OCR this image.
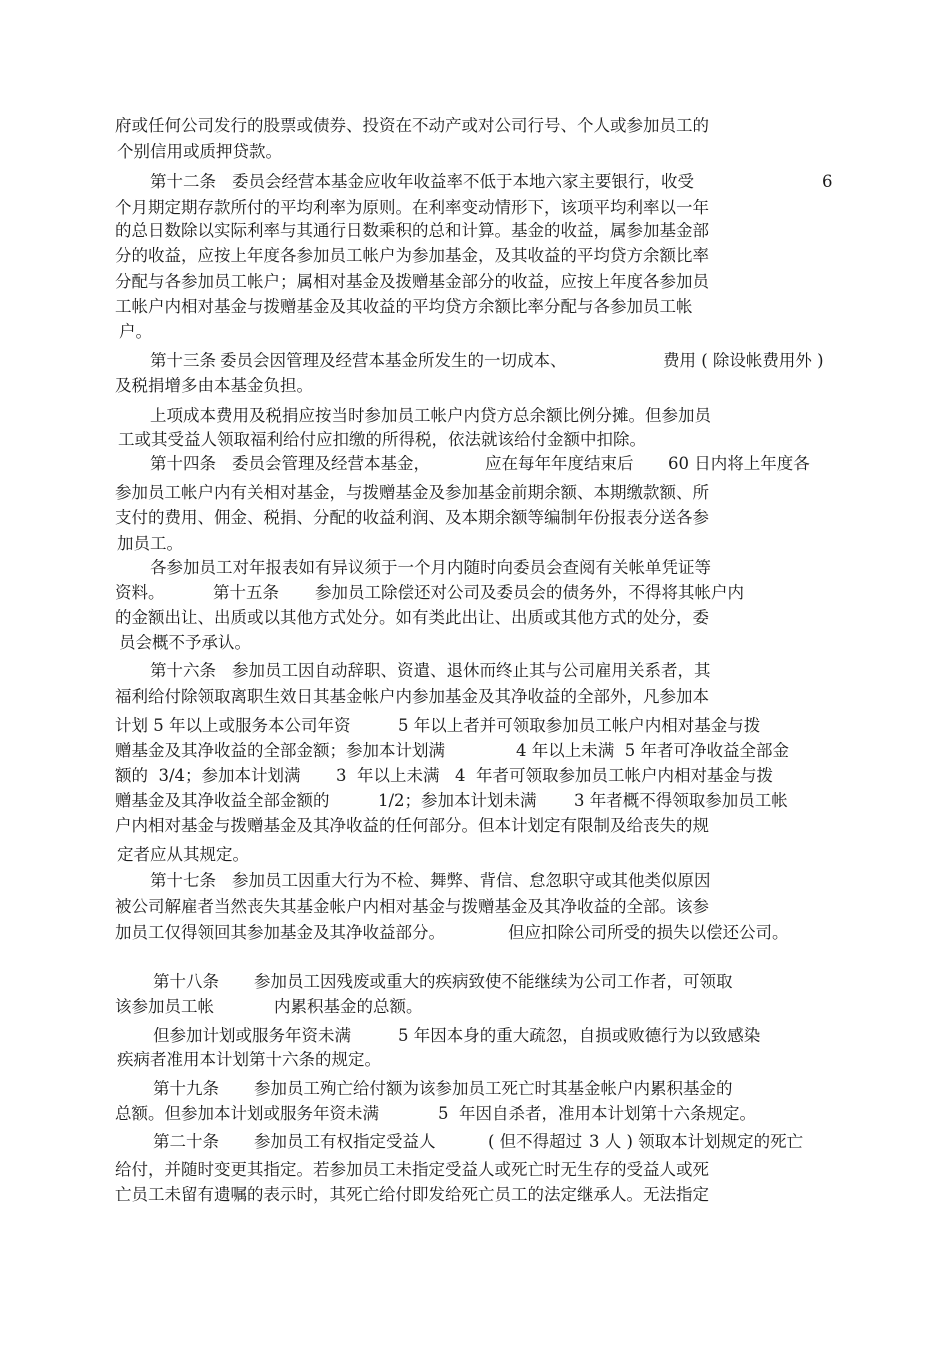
府或任何公司发行的股票或债券、投资在不动产或对公司行号、个人或参加员工的
个别信用或质押贷款。
第十二条 委员会经营本基金应收年收益率不低于本地六家主要银行，收受	6
个月期定期存款所付的平均利率为原则。在利率变动情形下，该项平均利率以一年
的总日数除以实际利率与其通行日数乘积的总和计算。基金的收益，属参加基金部
分的收益，应按上年度各参加员工帐户为参加基金，及其收益的平均贷方余额比率
分配与各参加员工帐户；属相对基金及拨赠基金部分的收益，应按上年度各参加员
工帐户内相对基金与拨赠基金及其收益的平均贷方余额比率分配与各参加员工帐
户。
第十三条 委员会因管理及经营本基金所发生的一切成本、	费用 ( 除设帐费用外 )
及税捐增多由本基金负担。
上项成本费用及税捐应按当时参加员工帐户内贷方总余额比例分摊。但参加员
工或其受益人领取福利给付应扣缴的所得税，依法就该给付金额中扣除。
第十四条 委员会管理及经营本基金，	应在每年年度结束后 60 日内将上年度各
参加员工帐户内有关相对基金，与拨赠基金及参加基金前期余额、本期缴款额、所
支付的费用、佣金、税捐、分配的收益利润、及本期余额等编制年份报表分送各参
加员工。
各参加员工对年报表如有异议须于一个月内随时向委员会查阅有关帐单凭证等
资料。	第十五条 参加员工除偿还对公司及委员会的债务外，不得将其帐户内
的金额出让、出质或以其他方式处分。如有类此出让、出质或其他方式的处分，委
员会概不予承认。
第十六条 参加员工因自动辞职、资遣、退休而终止其与公司雇用关系者，其
福利给付除领取离职生效日其基金帐户内参加基金及其净收益的全部外，凡参加本
计划 5 年以上或服务本公司年资	5 年以上者并可领取参加员工帐户内相对基金与拨
赠基金及其净收益的全部金额；参加本计划满	4 年以上未满  5 年者可净收益全部金
额的  3/4；参加本计划满 3  年以上未满 4  年者可领取参加员工帐户内相对基金与拨
赠基金及其净收益全部金额的	1/2；参加本计划未满 3 年者概不得领取参加员工帐
户内相对基金与拨赠基金及其净收益的任何部分。但本计划定有限制及给丧失的规
定者应从其规定。
第十七条 参加员工因重大行为不检、舞弊、背信、怠忽职守或其他类似原因
被公司解雇者当然丧失其基金帐户内相对基金与拨赠基金及其净收益的全部。该参
加员工仅得领回其参加基金及其净收益部分。	但应扣除公司所受的损失以偿还公司。
第十八条 参加员工因残废或重大的疾病致使不能继续为公司工作者，可领取
该参加员工帐	内累积基金的总额。
但参加计划或服务年资未满	5 年因本身的重大疏忽，自损或败德行为以致感染
疾病者准用本计划第十六条的规定。
第十九条 参加员工殉亡给付额为该参加员工死亡时其基金帐户内累积基金的
总额。但参加本计划或服务年资未满	5  年因自杀者，准用本计划第十六条规定。
第二十条 参加员工有权指定受益人	( 但不得超过 3 人 ) 领取本计划规定的死亡
给付，并随时变更其指定。若参加员工未指定受益人或死亡时无生存的受益人或死
亡员工未留有遗嘱的表示时，其死亡给付即发给死亡员工的法定继承人。无法指定
